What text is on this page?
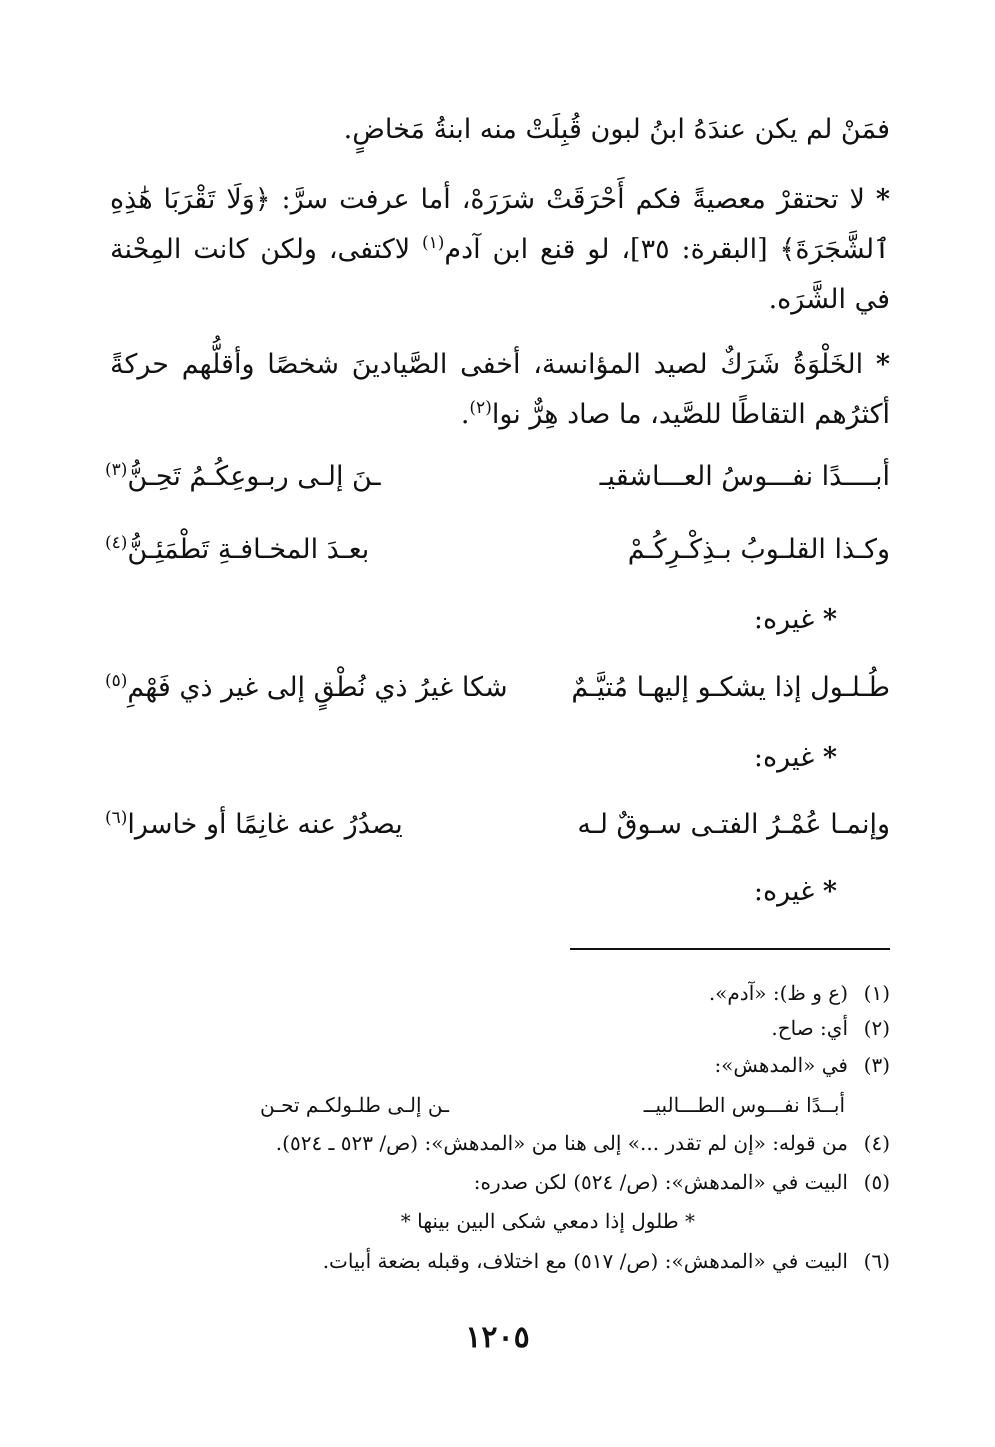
فمَنْ لم يكن عندَهُ ابنُ لبون قُبِلَتْ منه ابنةُ مَخاضٍ.
* لا تحتقرْ معصيةً فكم أَحْرَقَتْ شرَرَهْ، أما عرفت سرَّ: ﴿وَلَا تَقْرَبَا هَٰذِهِ ٱلشَّجَرَةَ﴾ [البقرة: ٣٥]، لو قنع ابن آدم$^{(١)}$ لاكتفى، ولكن كانت المِحْنة في الشَّرَه.
* الخَلْوَةُ شَرَكٌ لصيد المؤانسة، أخفى الصَّيادينَ شخصًا وأقلُّهم حركةً أكثرُهم التقاطًا للصَّيد، ما صاد هِرٌّ نوا$^{(٢)}$.
أبــــدًا نفـــوسُ العـــاشقيـ
ـنَ إلـى ربـوعِكُـمُ تَحِـنُّ$^{(٣)}$
وكـذا القلـوبُ بـذِكْـرِكُـمْ
بعـدَ المخـافـةِ تَطْمَئِـنُّ$^{(٤)}$
* غيره:
طُـلـول إذا يشكـو إليهـا مُتيَّـمٌ
شكا غيرُ ذي نُطْقٍ إلى غير ذي فَهْمِ$^{(٥)}$
* غيره:
وإنمـا عُمْـرُ الفتـى سـوقٌ لـه
يصدُرُ عنه غانِمًا أو خاسرا$^{(٦)}$
* غيره:
(١)(ع و ظ): «آدم».
(٢)أي: صاح.
(٣)في «المدهش»:
أبــدًا نفـــوس الطـــالبيــ
ـن إلـى طلـولكـم تحـن
(٤)من قوله: «إن لم تقدر ...» إلى هنا من «المدهش»: (ص/ ٥٢٣ ـ ٥٢٤).
(٥)البيت في «المدهش»: (ص/ ٥٢٤) لكن صدره:
* طلول إذا دمعي شكى البين بينها *
(٦)البيت في «المدهش»: (ص/ ٥١٧) مع اختلاف، وقبله بضعة أبيات.
١٢٠٥
